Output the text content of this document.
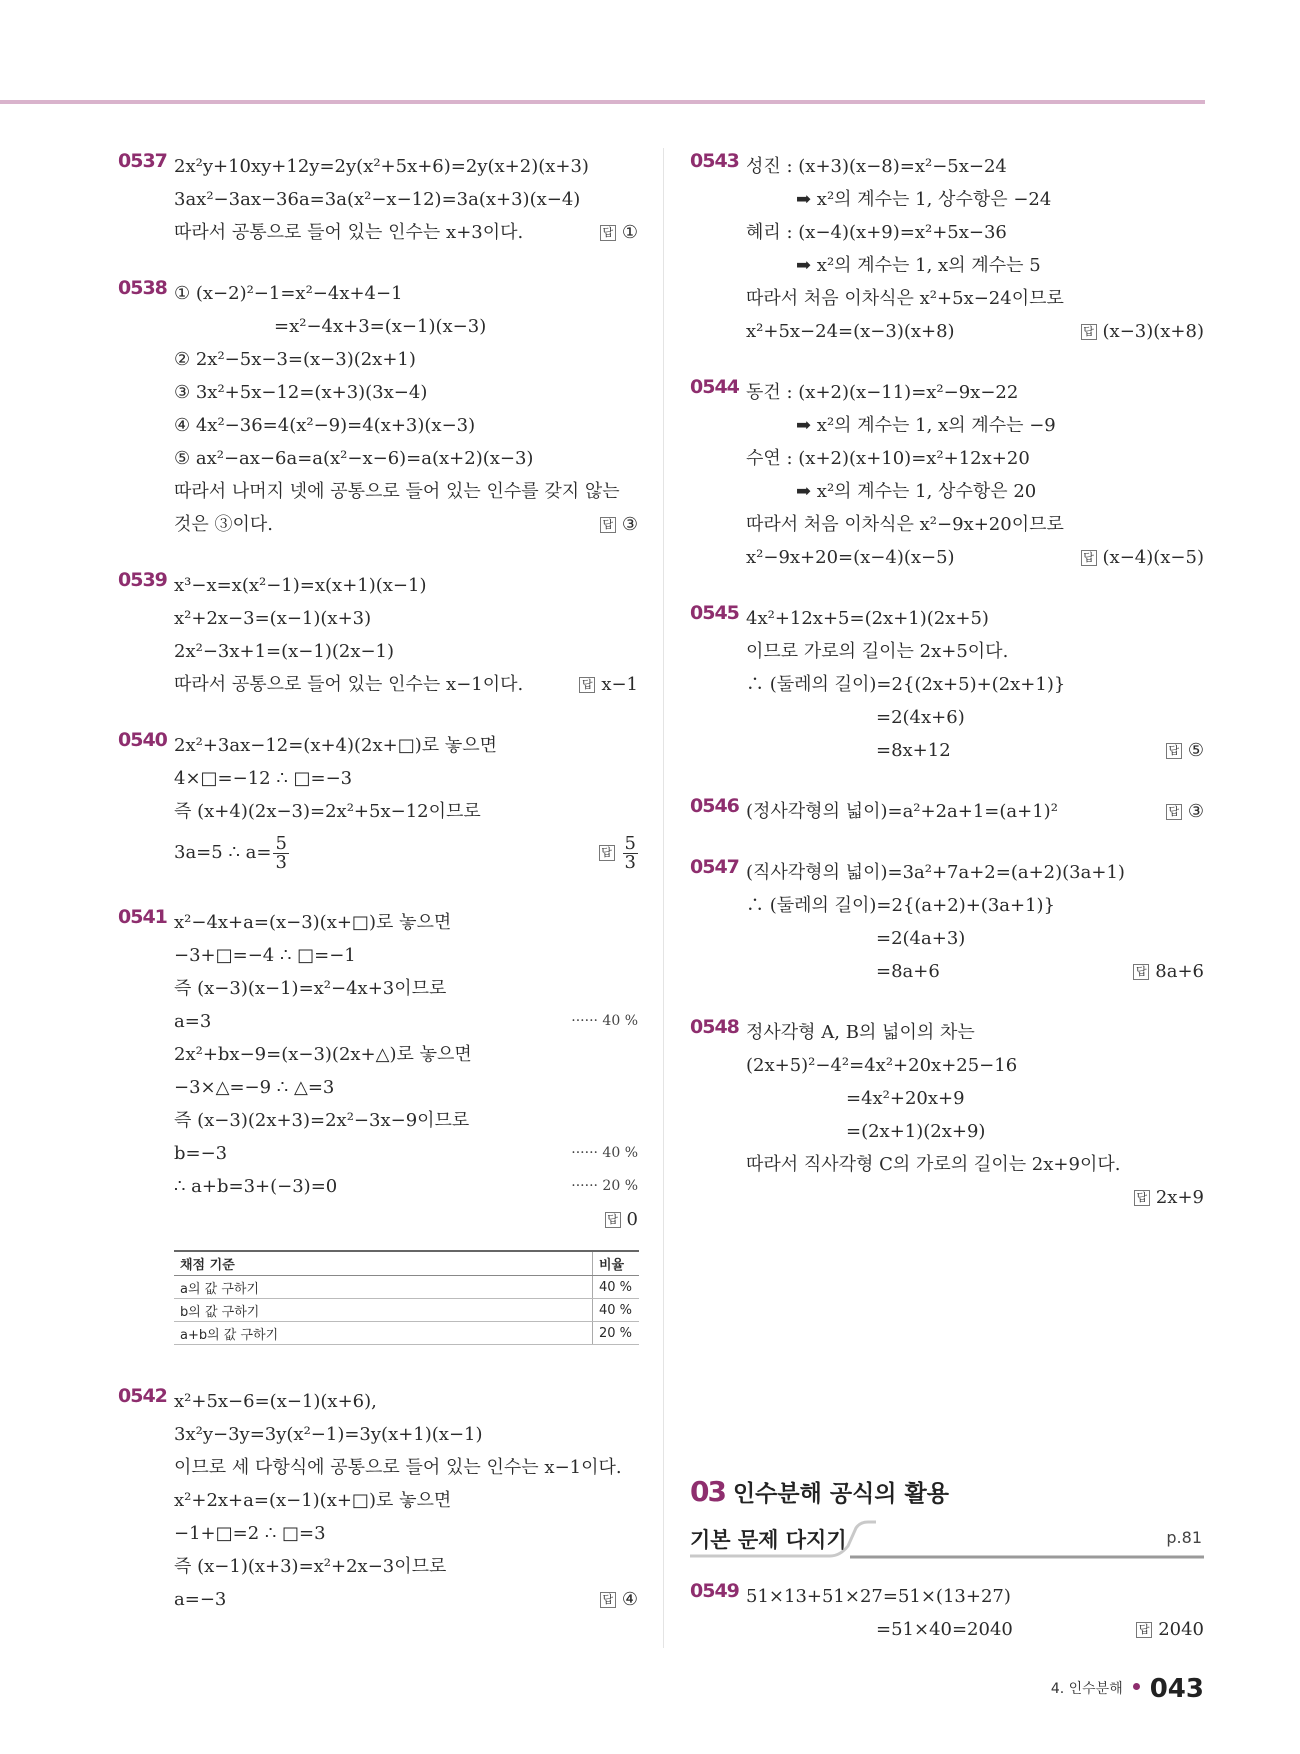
0537 2x²y+10xy+12y=2y(x²+5x+6)=2y(x+2)(x+3)
3ax²−3ax−36a=3a(x²−x−12)=3a(x+3)(x−4)
따라서 공통으로 들어 있는 인수는 x+3이다.	답 ①
0538 ① (x−2)²−1=x²−4x+4−1
=x²−4x+3=(x−1)(x−3)
② 2x²−5x−3=(x−3)(2x+1)
③ 3x²+5x−12=(x+3)(3x−4)
④ 4x²−36=4(x²−9)=4(x+3)(x−3)
⑤ ax²−ax−6a=a(x²−x−6)=a(x+2)(x−3)
따라서 나머지 넷에 공통으로 들어 있는 인수를 갖지 않는
것은 ③이다.	답 ③
0539 x³−x=x(x²−1)=x(x+1)(x−1)
x²+2x−3=(x−1)(x+3)
2x²−3x+1=(x−1)(2x−1)
따라서 공통으로 들어 있는 인수는 x−1이다.	답 x−1
0540 2x²+3ax−12=(x+4)(2x+□)로 놓으면
4×□=−12 ∴ □=−3
즉 (x+4)(2x−3)=2x²+5x−12이므로
3a=5 ∴ $a= \frac{5}{3}$	답 $\frac{5}{3}$
0541 x²−4x+a=(x−3)(x+□)로 놓으면
−3+□=−4 ∴ □=−1
즉 (x−3)(x−1)=x²−4x+3이므로
a=3	······ 40 %
2x²+bx−9=(x−3)(2x+△)로 놓으면
−3×△=−9 ∴ △=3
즉 (x−3)(2x+3)=2x²−3x−9이므로
b=−3	······ 40 %
∴ a+b=3+(−3)=0	······ 20 %
답 0
채점 기준	비율
a의 값 구하기	40 %
b의 값 구하기	40 %
a+b의 값 구하기	20 %
0542 x²+5x−6=(x−1)(x+6),
3x²y−3y=3y(x²−1)=3y(x+1)(x−1)
이므로 세 다항식에 공통으로 들어 있는 인수는 x−1이다.
x²+2x+a=(x−1)(x+□)로 놓으면
−1+□=2 ∴ □=3
즉 (x−1)(x+3)=x²+2x−3이므로
a=−3	답 ④
0543 성진 : (x+3)(x−8)=x²−5x−24
➡ x²의 계수는 1, 상수항은 −24
혜리 : (x−4)(x+9)=x²+5x−36
➡ x²의 계수는 1, x의 계수는 5
따라서 처음 이차식은 x²+5x−24이므로
x²+5x−24=(x−3)(x+8)	답 (x−3)(x+8)
0544 동건 : (x+2)(x−11)=x²−9x−22
➡ x²의 계수는 1, x의 계수는 −9
수연 : (x+2)(x+10)=x²+12x+20
➡ x²의 계수는 1, 상수항은 20
따라서 처음 이차식은 x²−9x+20이므로
x²−9x+20=(x−4)(x−5)	답 (x−4)(x−5)
0545 4x²+12x+5=(2x+1)(2x+5)
이므로 가로의 길이는 2x+5이다.
∴ (둘레의 길이)=2{(2x+5)+(2x+1)}
=2(4x+6)
=8x+12	답 ⑤
0546 (정사각형의 넓이)=a²+2a+1=(a+1)²	답 ③
0547 (직사각형의 넓이)=3a²+7a+2=(a+2)(3a+1)
∴ (둘레의 길이)=2{(a+2)+(3a+1)}
=2(4a+3)
=8a+6	답 8a+6
0548 정사각형 A, B의 넓이의 차는
(2x+5)²−4²=4x²+20x+25−16
=4x²+20x+9
=(2x+1)(2x+9)
따라서 직사각형 C의 가로의 길이는 2x+9이다.
답 2x+9
03 인수분해 공식의 활용
기본 문제 다지기	p.81
0549 51×13+51×27=51×(13+27)
=51×40=2040	답 2040
4. 인수분해 043
